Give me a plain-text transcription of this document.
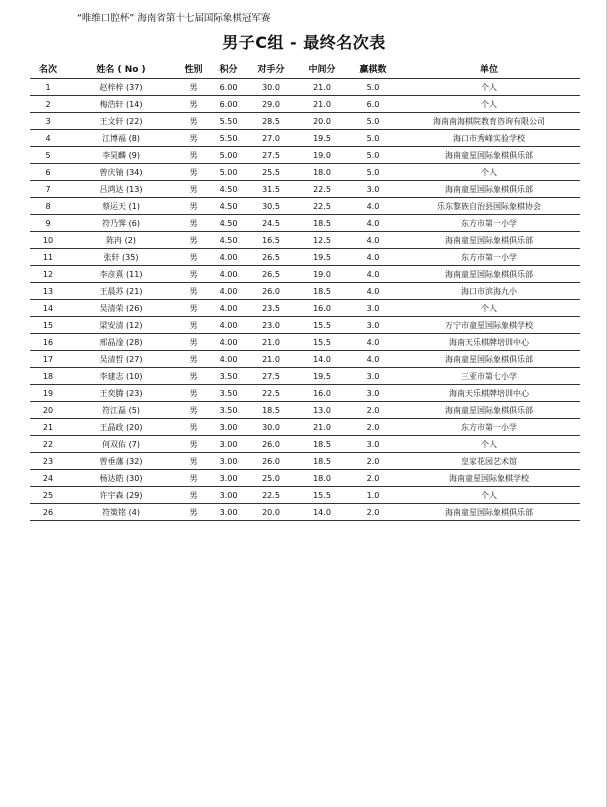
“唯维口腔杯” 海南省第十七届国际象棋冠军赛
男子C组 - 最终名次表
名次	姓名 ( No )	性别	积分	对手分	中间分	赢棋数	单位
1	赵梓梓 (37)	男	6.00	30.0	21.0	5.0	个人
2	梅浩轩 (14)	男	6.00	29.0	21.0	6.0	个人
3	王文轩 (22)	男	5.50	28.5	20.0	5.0	海南南海棋院教育咨询有限公司
4	江博福 (8)	男	5.50	27.0	19.5	5.0	海口市秀峰实验学校
5	李昊麟 (9)	男	5.00	27.5	19.0	5.0	海南童星国际象棋俱乐部
6	曾庆铀 (34)	男	5.00	25.5	18.0	5.0	个人
7	吕鸿达 (13)	男	4.50	31.5	22.5	3.0	海南童星国际象棋俱乐部
8	蔡运天 (1)	男	4.50	30.5	22.5	4.0	乐东黎族自治县国际象棋协会
9	符乃霁 (6)	男	4.50	24.5	18.5	4.0	东方市第一小学
10	陈冉 (2)	男	4.50	16.5	12.5	4.0	海南童星国际象棋俱乐部
11	张轩 (35)	男	4.00	26.5	19.5	4.0	东方市第一小学
12	李彦熹 (11)	男	4.00	26.5	19.0	4.0	海南童星国际象棋俱乐部
13	王晨苏 (21)	男	4.00	26.0	18.5	4.0	海口市滨海九小
14	吴清荣 (26)	男	4.00	23.5	16.0	3.0	个人
15	梁安清 (12)	男	4.00	23.0	15.5	3.0	万宁市童星国际象棋学校
16	邢晶淦 (28)	男	4.00	21.0	15.5	4.0	海南天乐棋牌培训中心
17	吴清哲 (27)	男	4.00	21.0	14.0	4.0	海南童星国际象棋俱乐部
18	李建志 (10)	男	3.50	27.5	19.5	3.0	三亚市第七小学
19	王奕腾 (23)	男	3.50	22.5	16.0	3.0	海南天乐棋牌培训中心
20	符江磊 (5)	男	3.50	18.5	13.0	2.0	海南童星国际象棋俱乐部
21	王晶政 (20)	男	3.00	30.0	21.0	2.0	东方市第一小学
22	何双佑 (7)	男	3.00	26.0	18.5	3.0	个人
23	曾垂藩 (32)	男	3.00	26.0	18.5	2.0	皇家花园艺术馆
24	杨达皓 (30)	男	3.00	25.0	18.0	2.0	海南童星国际象棋学校
25	许宇森 (29)	男	3.00	22.5	15.5	1.0	个人
26	符策铭 (4)	男	3.00	20.0	14.0	2.0	海南童星国际象棋俱乐部
